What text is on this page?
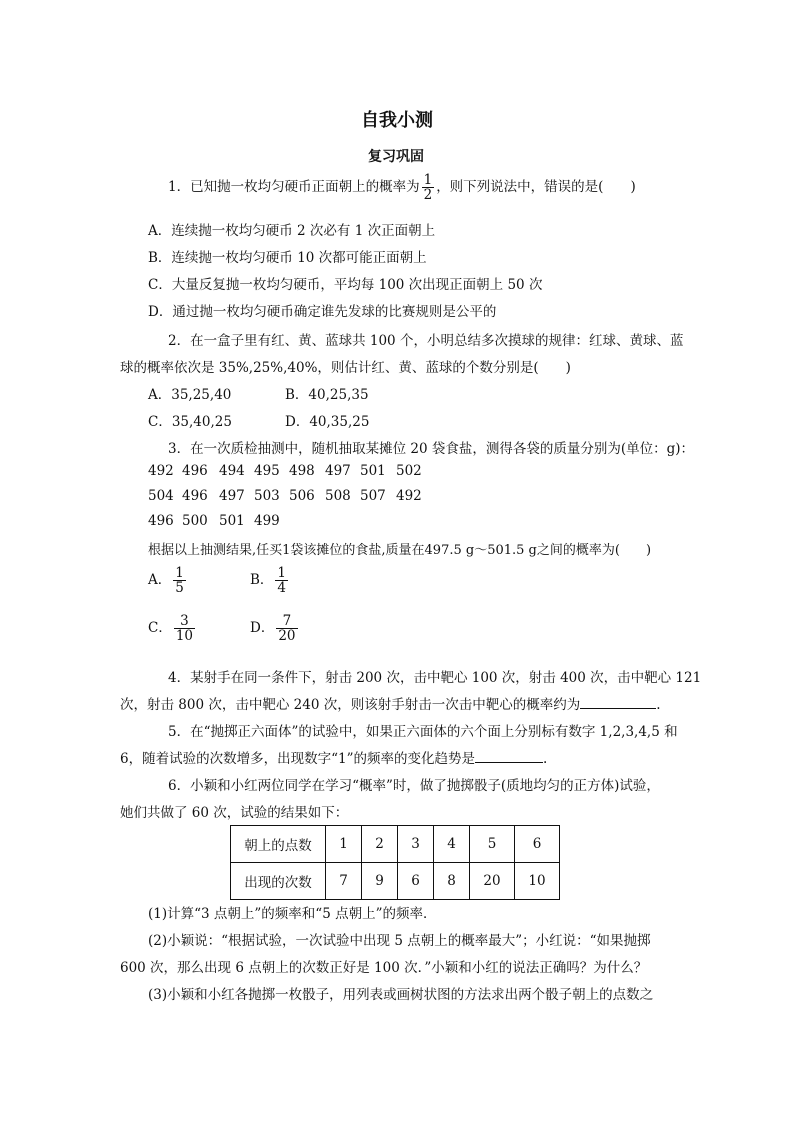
自我小测
复习巩固
1．已知抛一枚均匀硬币正面朝上的概率为 $\frac{1}{2}$ ，则下列说法中，错误的是(　　)
A．连续抛一枚均匀硬币 2 次必有 1 次正面朝上
B．连续抛一枚均匀硬币 10 次都可能正面朝上
C．大量反复抛一枚均匀硬币，平均每 100 次出现正面朝上 50 次
D．通过抛一枚均匀硬币确定谁先发球的比赛规则是公平的
2．在一盒子里有红、黄、蓝球共 100 个，小明总结多次摸球的规律：红球、黄球、蓝
球的概率依次是 35%,25%,40%，则估计红、黄、蓝球的个数分别是(　　)
A．35,25,40	B．40,25,35
C．35,40,25	D．40,35,25
3．在一次质检抽测中，随机抽取某摊位 20 袋食盐，测得各袋的质量分别为(单位：g)：
492 496 494 495 498 497 501 502
504 496 497 503 506 508 507 492
496 500 501 499
根据以上抽测结果,任买1袋该摊位的食盐,质量在497.5 g～501.5 g之间的概率为(　　)
A． $\frac{1}{5}$	B． $\frac{1}{4}$
C． $\frac{3}{10}$	D． $\frac{7}{20}$
4．某射手在同一条件下，射击 200 次，击中靶心 100 次，射击 400 次，击中靶心 121
次，射击 800 次，击中靶心 240 次，则该射手射击一次击中靶心的概率约为	.
5．在“抛掷正六面体”的试验中，如果正六面体的六个面上分别标有数字 1,2,3,4,5 和
6，随着试验的次数增多，出现数字“1”的频率的变化趋势是	.
6．小颖和小红两位同学在学习“概率”时，做了抛掷骰子(质地均匀的正方体)试验，
她们共做了 60 次，试验的结果如下：
朝上的点数	1	2	3	4	5	6
出现的次数	7	9	6	8	20	10
(1)计算“3 点朝上”的频率和“5 点朝上”的频率．
(2)小颖说：“根据试验，一次试验中出现 5 点朝上的概率最大”；小红说：“如果抛掷
600 次，那么出现 6 点朝上的次数正好是 100 次．”小颖和小红的说法正确吗？为什么？
(3)小颖和小红各抛掷一枚骰子，用列表或画树状图的方法求出两个骰子朝上的点数之
